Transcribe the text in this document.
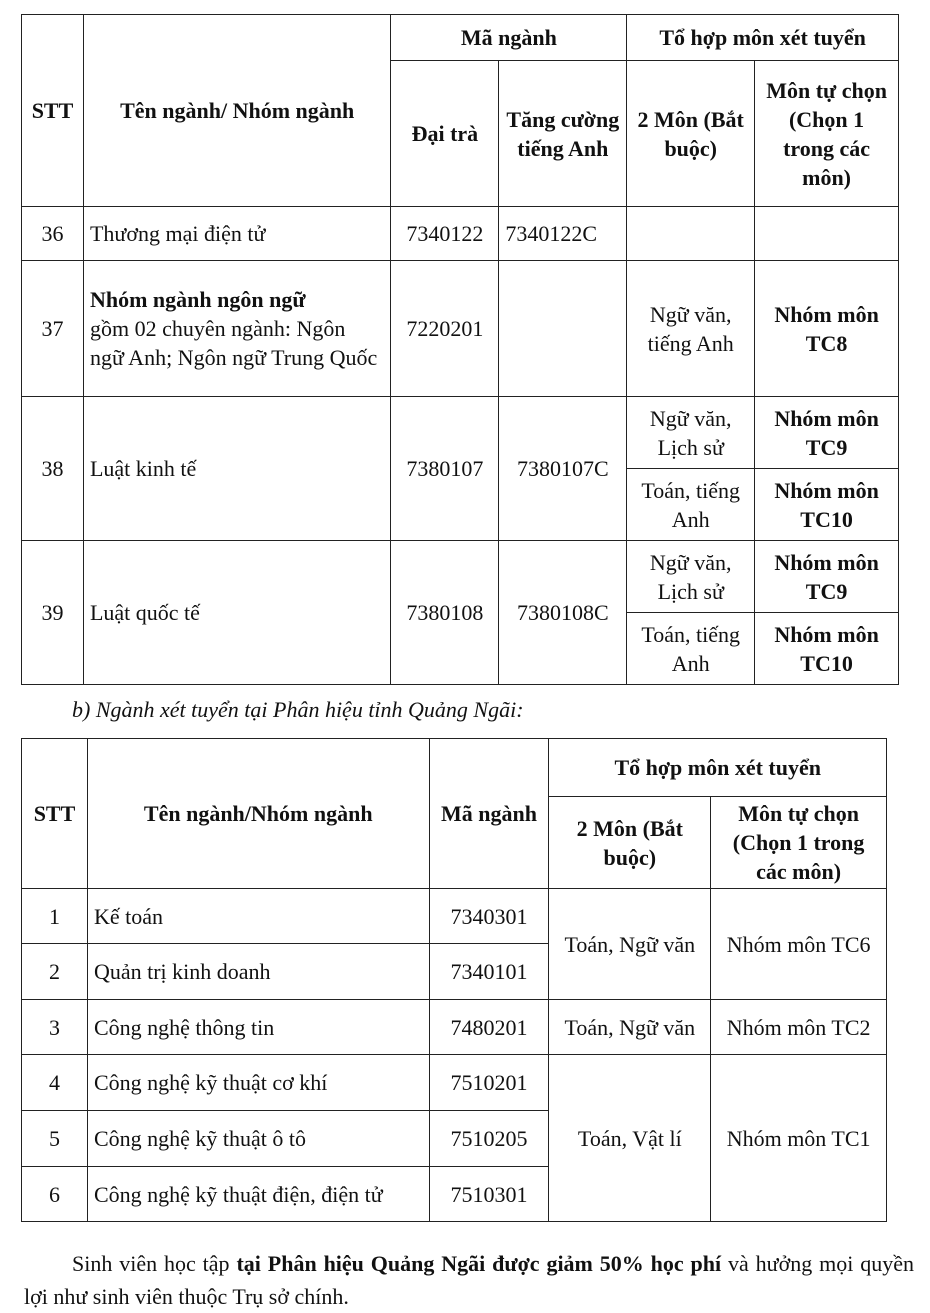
STT	Tên ngành/ Nhóm ngành	Mã ngành		Tổ hợp môn xét tuyển	
		Đại trà	Tăng cường tiếng Anh	2 Môn (Bắt buộc)	Môn tự chọn (Chọn 1 trong các môn)
36	Thương mại điện tử	7340122	7340122C		
37	Nhóm ngành ngôn ngữ
gồm 02 chuyên ngành: Ngôn ngữ Anh; Ngôn ngữ Trung Quốc	7220201		Ngữ văn, tiếng Anh	Nhóm môn TC8
38	Luật kinh tế	7380107	7380107C	Ngữ văn, Lịch sử	Nhóm môn TC9
				Toán, tiếng Anh	Nhóm môn TC10
39	Luật quốc tế	7380108	7380108C	Ngữ văn, Lịch sử	Nhóm môn TC9
				Toán, tiếng Anh	Nhóm môn TC10
b) Ngành xét tuyển tại Phân hiệu tỉnh Quảng Ngãi:
STT	Tên ngành/Nhóm ngành	Mã ngành	Tổ hợp môn xét tuyển	
			2 Môn (Bắt buộc)	Môn tự chọn (Chọn 1 trong các môn)
1	Kế toán	7340301	Toán, Ngữ văn	Nhóm môn TC6
2	Quản trị kinh doanh	7340101		
3	Công nghệ thông tin	7480201	Toán, Ngữ văn	Nhóm môn TC2
4	Công nghệ kỹ thuật cơ khí	7510201	Toán, Vật lí	Nhóm môn TC1
5	Công nghệ kỹ thuật ô tô	7510205		
6	Công nghệ kỹ thuật điện, điện tử	7510301		

Sinh viên học tập tại Phân hiệu Quảng Ngãi được giảm 50% học phí và hưởng mọi quyền lợi như sinh viên thuộc Trụ sở chính.
